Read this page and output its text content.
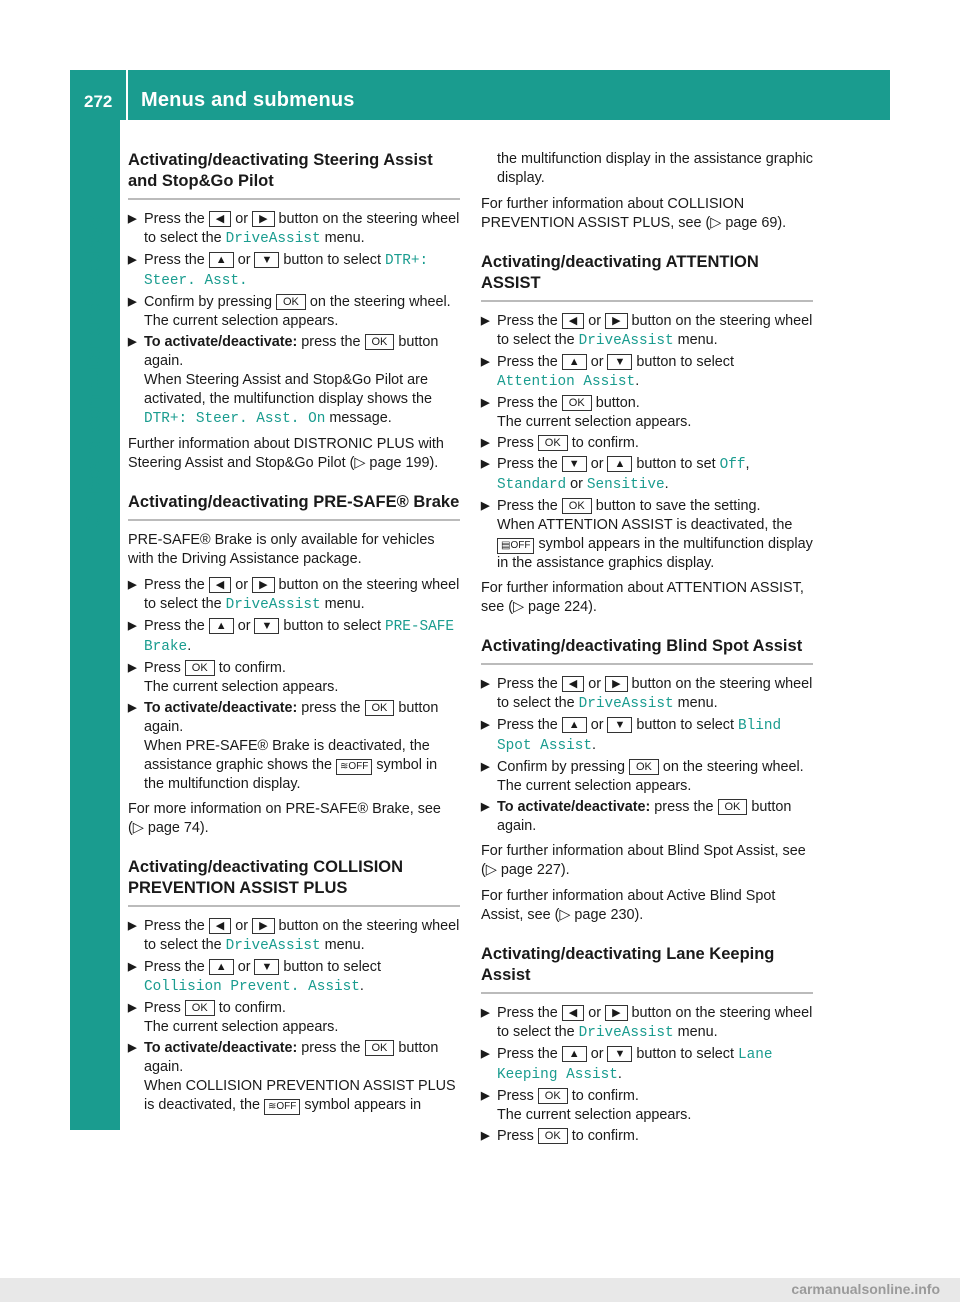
272 Menus and submenus
On-board computer and displays
Activating/deactivating Steering Assist and Stop&Go Pilot
▶ Press the ◀ or ▶ button on the steering wheel to select the DriveAssist menu.
▶ Press the ▲ or ▼ button to select DTR+: Steer. Asst.
▶ Confirm by pressing OK on the steering wheel.
The current selection appears.
▶ To activate/deactivate: press the OK button again.
When Steering Assist and Stop&Go Pilot are activated, the multifunction display shows the DTR+: Steer. Asst. On message.

Further information about DISTRONIC PLUS with Steering Assist and Stop&Go Pilot (▷ page 199).

Activating/deactivating PRE-SAFE® Brake

PRE-SAFE® Brake is only available for vehicles with the Driving Assistance package.

▶ Press the ◀ or ▶ button on the steering wheel to select the DriveAssist menu.
▶ Press the ▲ or ▼ button to select PRE-SAFE Brake.
▶ Press OK to confirm.
The current selection appears.
▶ To activate/deactivate: press the OK button again.
When PRE-SAFE® Brake is deactivated, the assistance graphic shows the ≋OFF symbol in the multifunction display.

For more information on PRE-SAFE® Brake, see (▷ page 74).

Activating/deactivating COLLISION PREVENTION ASSIST PLUS
▶ Press the ◀ or ▶ button on the steering wheel to select the DriveAssist menu.
▶ Press the ▲ or ▼ button to select Collision Prevent. Assist.
▶ Press OK to confirm.
The current selection appears.
▶ To activate/deactivate: press the OK button again.
When COLLISION PREVENTION ASSIST PLUS is deactivated, the ≋OFF symbol appears in

the multifunction display in the assistance graphic display.

For further information about COLLISION PREVENTION ASSIST PLUS, see (▷ page 69).

Activating/deactivating ATTENTION ASSIST
▶ Press the ◀ or ▶ button on the steering wheel to select the DriveAssist menu.
▶ Press the ▲ or ▼ button to select Attention Assist.
▶ Press the OK button.
The current selection appears.
▶ Press OK to confirm.
▶ Press the ▼ or ▲ button to set Off, Standard or Sensitive.
▶ Press the OK button to save the setting.
When ATTENTION ASSIST is deactivated, the ▤OFF symbol appears in the multifunction display in the assistance graphics display.

For further information about ATTENTION ASSIST, see (▷ page 224).

Activating/deactivating Blind Spot Assist
▶ Press the ◀ or ▶ button on the steering wheel to select the DriveAssist menu.
▶ Press the ▲ or ▼ button to select Blind Spot Assist.
▶ Confirm by pressing OK on the steering wheel.
The current selection appears.
▶ To activate/deactivate: press the OK button again.

For further information about Blind Spot Assist, see (▷ page 227).

For further information about Active Blind Spot Assist, see (▷ page 230).

Activating/deactivating Lane Keeping Assist
▶ Press the ◀ or ▶ button on the steering wheel to select the DriveAssist menu.
▶ Press the ▲ or ▼ button to select Lane Keeping Assist.
▶ Press OK to confirm.
The current selection appears.
▶ Press OK to confirm.
carmanualsonline.info
